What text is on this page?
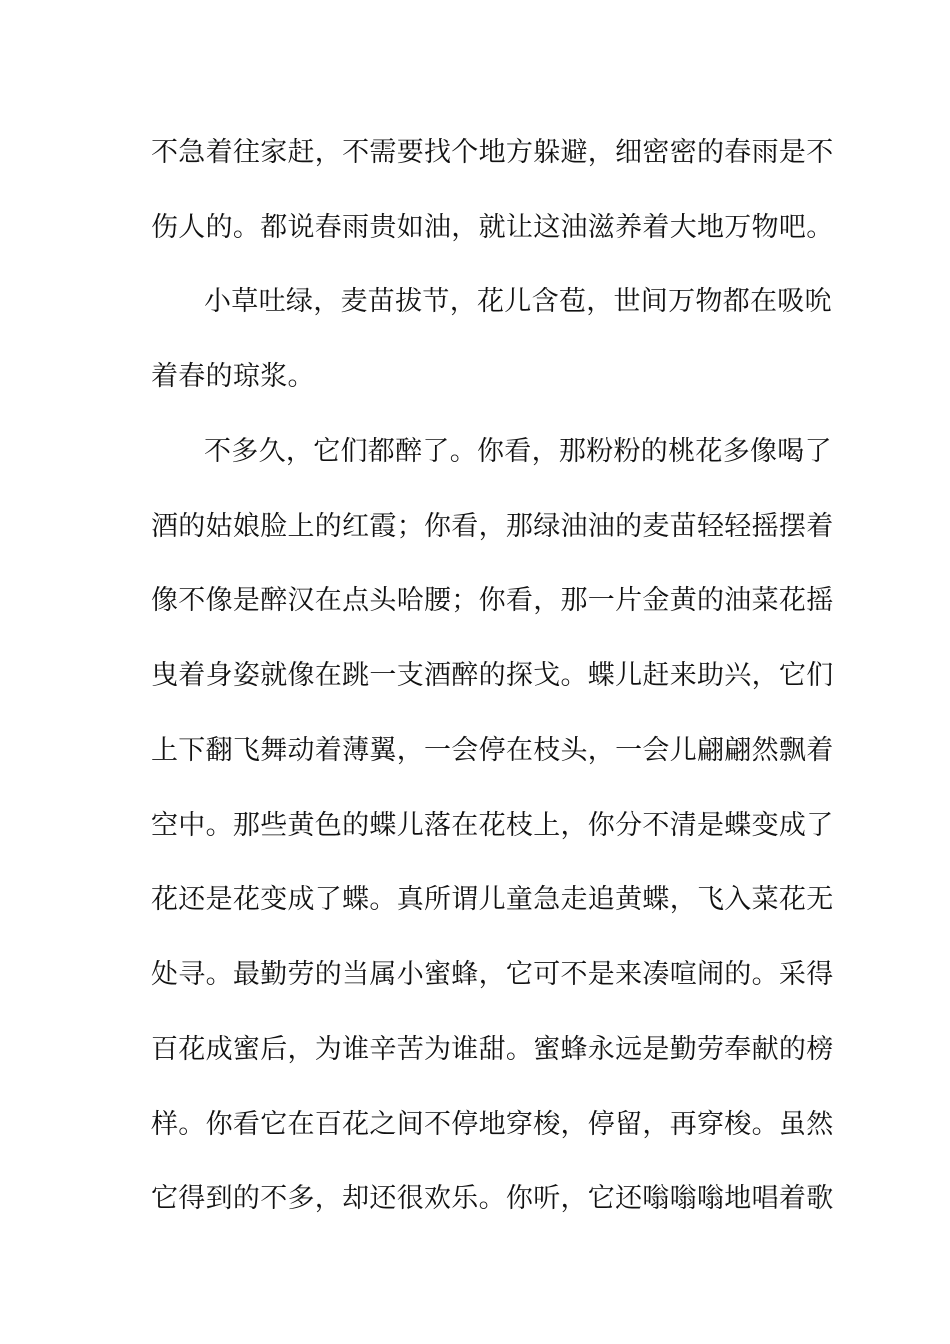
不急着往家赶，不需要找个地方躲避，细密密的春雨是不
伤人的。都说春雨贵如油，就让这油滋养着大地万物吧。
小草吐绿，麦苗拔节，花儿含苞，世间万物都在吸吮
着春的琼浆。
不多久，它们都醉了。你看，那粉粉的桃花多像喝了
酒的姑娘脸上的红霞；你看，那绿油油的麦苗轻轻摇摆着
像不像是醉汉在点头哈腰；你看，那一片金黄的油菜花摇
曳着身姿就像在跳一支酒醉的探戈。蝶儿赶来助兴，它们
上下翻飞舞动着薄翼，一会停在枝头，一会儿翩翩然飘着
空中。那些黄色的蝶儿落在花枝上，你分不清是蝶变成了
花还是花变成了蝶。真所谓儿童急走追黄蝶，飞入菜花无
处寻。最勤劳的当属小蜜蜂，它可不是来凑喧闹的。采得
百花成蜜后，为谁辛苦为谁甜。蜜蜂永远是勤劳奉献的榜
样。你看它在百花之间不停地穿梭，停留，再穿梭。虽然
它得到的不多，却还很欢乐。你听，它还嗡嗡嗡地唱着歌
